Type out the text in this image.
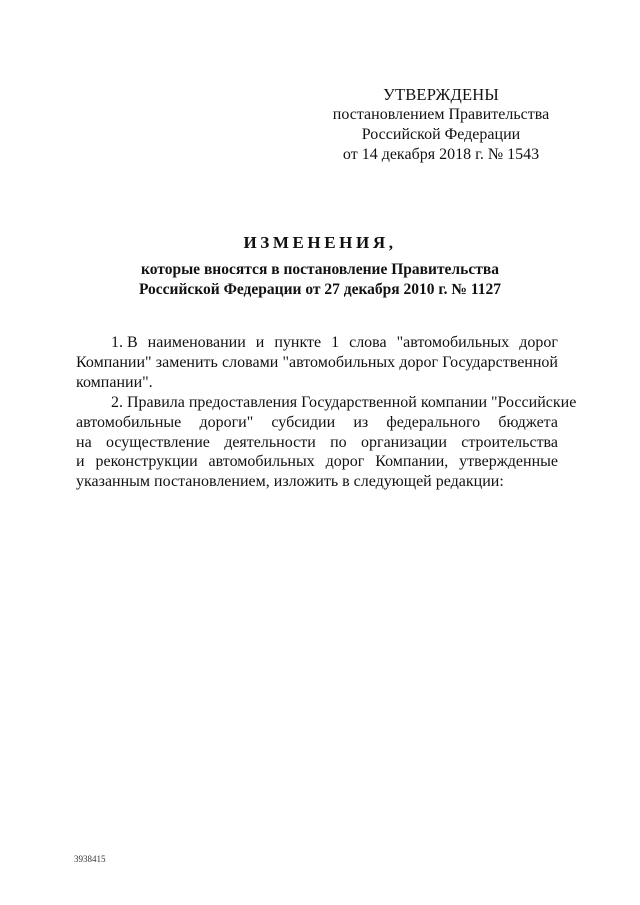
УТВЕРЖДЕНЫ
постановлением Правительства
Российской Федерации
от 14 декабря 2018 г. № 1543
ИЗМЕНЕНИЯ,
которые вносятся в постановление Правительства
Российской Федерации от 27 декабря 2010 г. № 1127
1. В наименовании и пункте 1 слова "автомобильных дорог
Компании" заменить словами "автомобильных дорог Государственной
компании".
2. Правила предоставления Государственной компании "Российские
автомобильные дороги" субсидии из федерального бюджета
на осуществление деятельности по организации строительства
и реконструкции автомобильных дорог Компании, утвержденные
указанным постановлением, изложить в следующей редакции:
3938415
